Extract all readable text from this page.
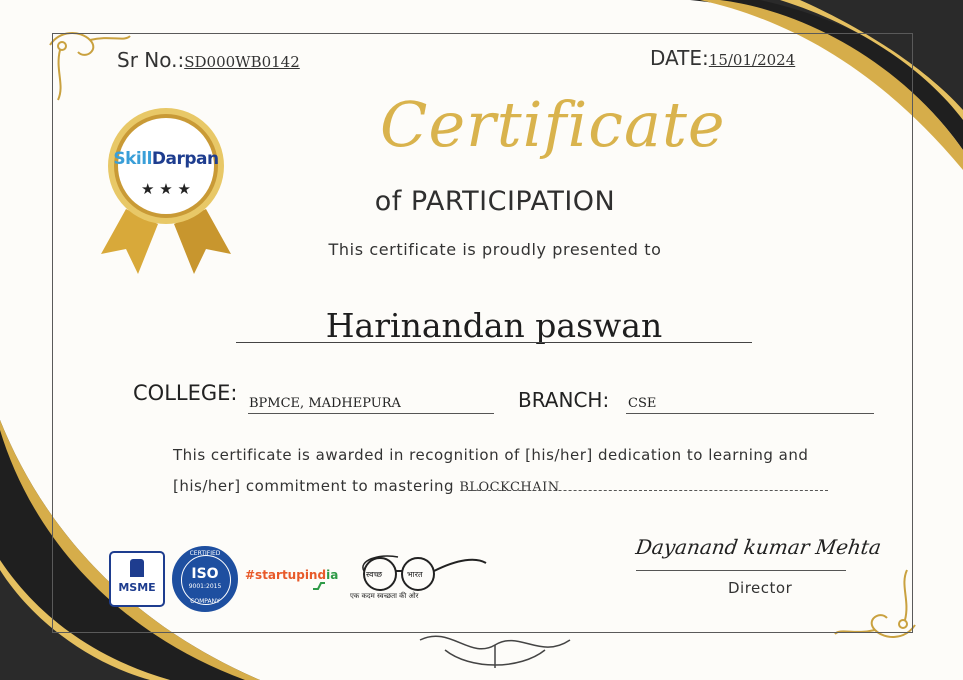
Sr No.:SD000WB0142	DATE:15/01/2024
SkillDarpan
★ ★ ★
Certificate
of PARTICIPATION
This certificate is proudly presented to
Harinandan paswan
COLLEGE: BPMCE, MADHEPURA	BRANCH: CSE
This certificate is awarded in recognition of [his/her] dedication to learning and
[his/her] commitment to mastering BLOCKCHAIN
MSME
CERTIFIED
ISO
9001:2015
COMPANY
#startupindia	स्वच्छ	भारत
एक कदम स्वच्छता की ओर
Dayanand kumar Mehta
Director
